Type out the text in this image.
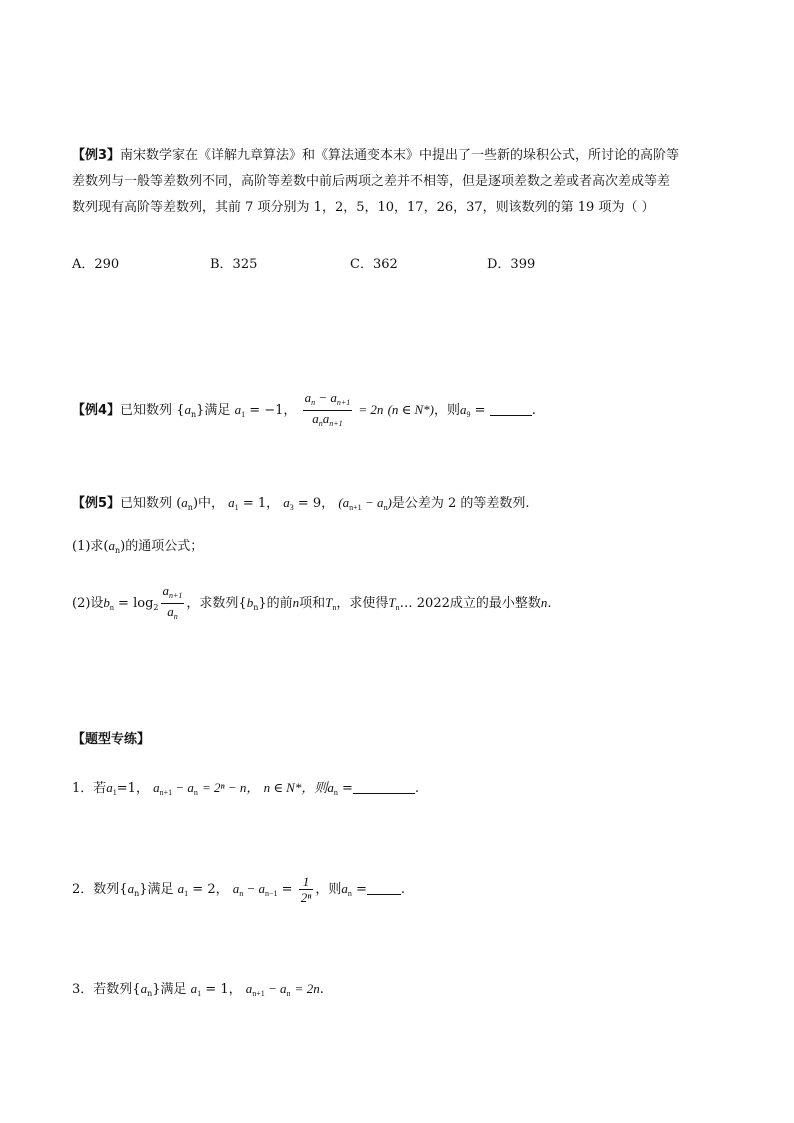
【例3】南宋数学家在《详解九章算法》和《算法通变本末》中提出了一些新的垛积公式，所讨论的高阶等
差数列与一般等差数列不同，高阶等差数中前后两项之差并不相等，但是逐项差数之差或者高次差成等差
数列现有高阶等差数列，其前 7 项分别为 1，2，5，10，17，26，37，则该数列的第 19 项为（ ）
A．290	B．325	C．362	D．399
【例4】已知数列 $\{a_n\}$满足 $a_1 = -1$， $\frac{a_n - a_{n+1}}{a_na_{n+1}} = 2n$ (n ∈ N*)，则$a_9$ =	.
【例5】已知数列 $(a_n)$中， $a_1 = 1$， $a_3 = 9$， $(a_{n+1} - a_n)$是公差为 2 的等差数列.
(1)求$(a_n)$的通项公式；
(2)设$b_n = \log_2 \frac{a_{n+1}}{a_n}$ ，求数列$\{b_n\}$的前n项和$T_n$，求使得$T_n\dots$ 2022成立的最小整数n.
【题型专练】
1．若$a_1=1$， $a_{n+1} - a_n = 2^n - n$， n ∈ N*，则$a_n$ =	.
2．数列$\{a_n\}$满足 $a_1 = 2$， $a_n - a_{n-1} = \frac{1}{\text{2ⁿ}}$ ，则$a_n$ =	.
3．若数列$\{a_n\}$满足 $a_1 = 1$， $a_{n+1} - a_n = 2n$.
